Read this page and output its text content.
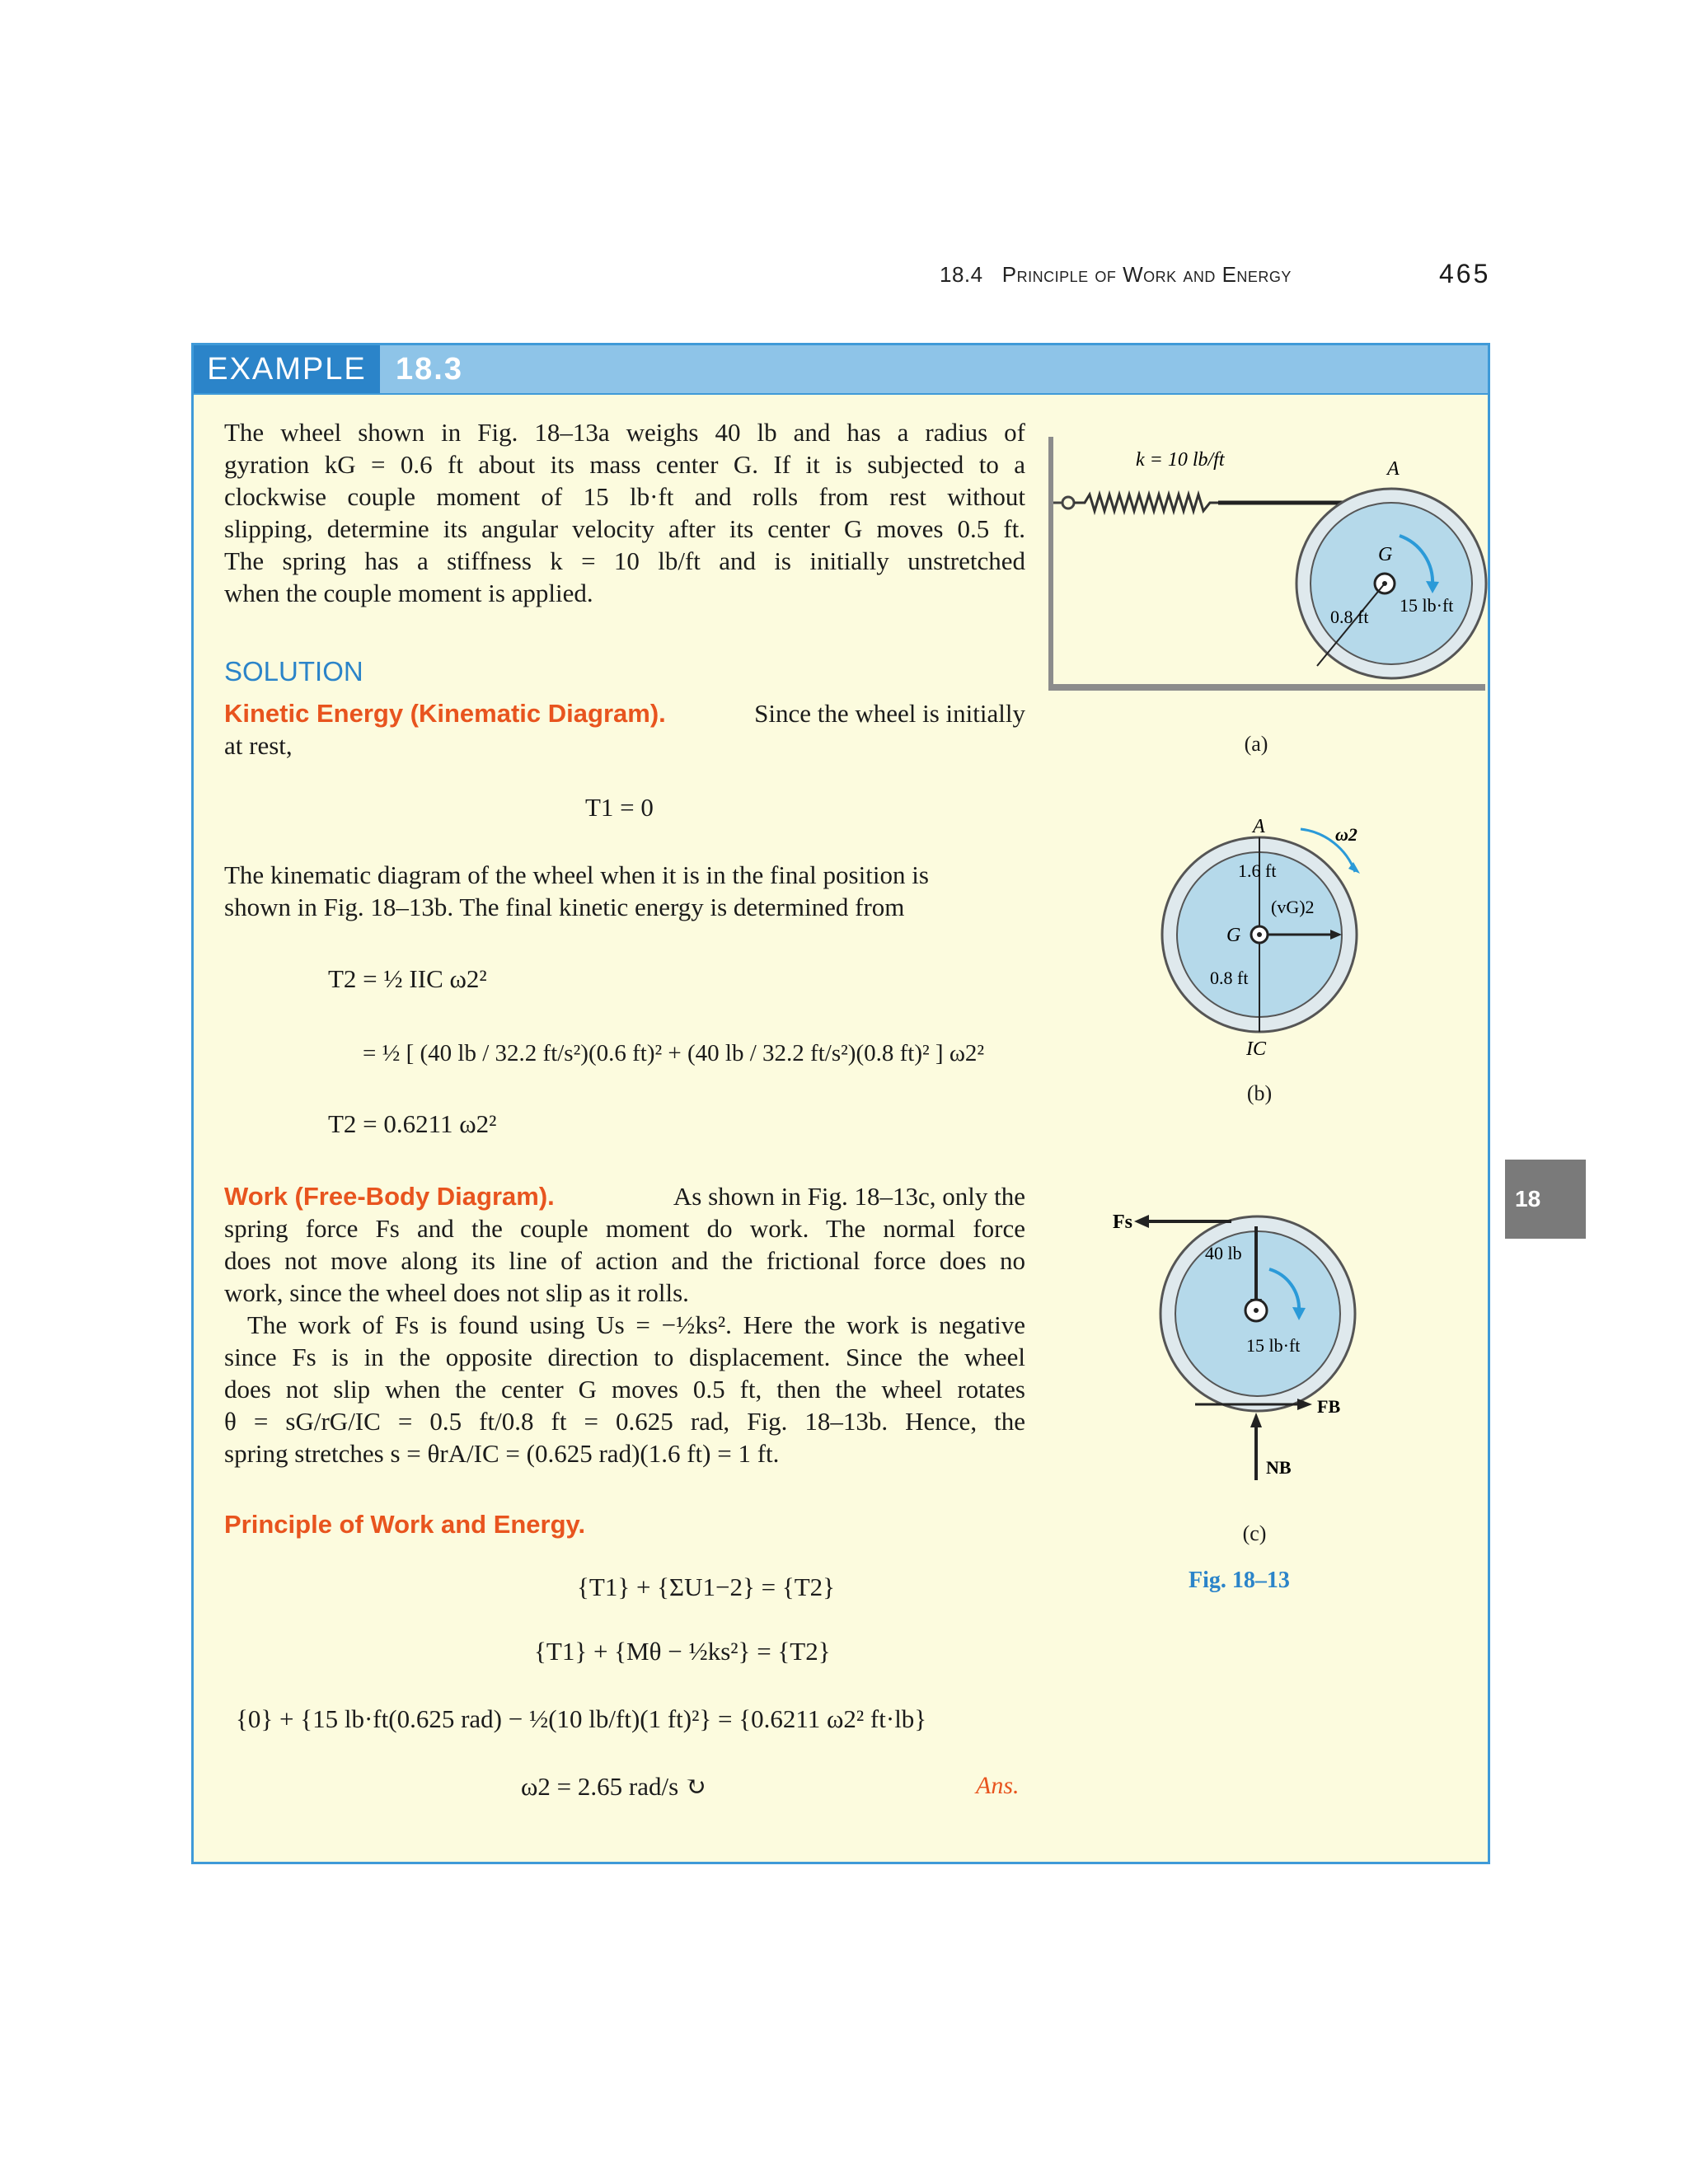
18.4 Principle of Work and Energy	465
EXAMPLE 18.3
The wheel shown in Fig. 18–13a weighs 40 lb and has a radius of
gyration kG = 0.6 ft about its mass center G. If it is subjected to a
clockwise couple moment of 15 lb·ft and rolls from rest without
slipping, determine its angular velocity after its center G moves 0.5 ft.
The spring has a stiffness k = 10 lb/ft and is initially unstretched
when the couple moment is applied.
SOLUTION
Kinetic Energy (Kinematic Diagram).	Since the wheel is initially
at rest,
T1 = 0
The kinematic diagram of the wheel when it is in the final position is
shown in Fig. 18–13b. The final kinetic energy is determined from
T2 = ½ IIC ω2²
= ½ [ (40 lb / 32.2 ft/s²)(0.6 ft)² + (40 lb / 32.2 ft/s²)(0.8 ft)² ] ω2²
T2 = 0.6211 ω2²
Work (Free-Body Diagram).	As shown in Fig. 18–13c, only the
spring force Fs and the couple moment do work. The normal force
does not move along its line of action and the frictional force does no
work, since the wheel does not slip as it rolls.
The work of Fs is found using Us = −½ks². Here the work is negative
since Fs is in the opposite direction to displacement. Since the wheel
does not slip when the center G moves 0.5 ft, then the wheel rotates
θ = sG/rG/IC = 0.5 ft/0.8 ft = 0.625 rad, Fig. 18–13b. Hence, the
spring stretches s = θrA/IC = (0.625 rad)(1.6 ft) = 1 ft.
Principle of Work and Energy.
{T1} + {ΣU1−2} = {T2}
{T1} + {Mθ − ½ks²} = {T2}
{0} + {15 lb·ft(0.625 rad) − ½(10 lb/ft)(1 ft)²} = {0.6211 ω2² ft·lb}
ω2 = 2.65 rad/s ↻	Ans.
k = 10 lb/ft	A
G
0.8 ft
15 lb·ft
(a)
A	ω2
1.6 ft
(vG)2
G
0.8 ft
IC
(b)
Fs
40 lb
15 lb·ft
FB
NB
(c)
Fig. 18–13
18
